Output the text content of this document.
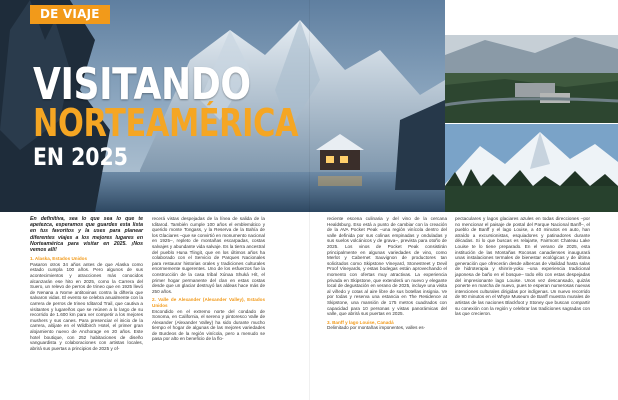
DE VIAJE
VISITANDO
NORTEAMÉRICA
EN 2025

En definitiva, sea lo que sea lo que te apetezca, esperamos que guardes esta lista en tus favoritos y la uses para planear diferentes viajes a los mejores lugares en Norteamérica para visitar en 2025. ¡Nos vemos allí!

1. Alaska, Estados Unidos

Pasaron otros 34 años antes de que Alaska como estado cumpla 100 años. Pero algunos de sus acontecimientos y atracciones más conocidos alcanzarán ese hito en 2025, como la Carrera del Suero, un relevo de perros de trineo que en 1925 llevó de Nenana a Nome antitoxinas contra la difteria que salvaron vidas. El evento se celebra anualmente con la carrera de perros de trineo Iditarod Trail, que cautiva a visitantes y lugareños que se reúnen a lo largo de su recorrido de 1.600 km para ver competir a los mejores mushers y sus canes. Para presenciar el inicio de la carrera, alójate en el Wildbirch Hotel, el primer gran alojamiento nuevo de Anchorage en 20 años. Este hotel boutique, con 252 habitaciones de diseño vanguardista y colaboraciones con artistas locales, abrirá sus puertas a principios de 2025 y of-

recerá vistas despejadas de la línea de salida de la Iditarod. También cumple 100 años el emblemático y querido monte Tongass, y la Reserva de la Bahía de los Glaciares –que se convirtió en monumento nacional en 1925–, repleto de montañas escarpadas, costas salvajes y abundante vida salvaje. Es la tierra ancestral del pueblo Huna Tlingit, que en los últimos años ha colaborado con el Servicio de Parques Nacionales para restaurar historias orales y tradiciones culturales enormemente sugerentes. Uno de los esfuerzos fue la construcción de la casa tribal Xúnaa Shuká Hít, el primer hogar permanente del clan en estas costas desde que un glaciar destruyó las aldeas hace más de 250 años.

2. Valle de Alexander (Alexander Valley), Estados Unidos

Escondido en el extremo norte del condado de Sonoma, en California, el sereno y pintoresco Valle de Alexander (Alexander Valley) ha sido durante mucho tiempo el hogar de algunas de las mejores variedades de Burdeos de la región vinícola, pero a menudo se pasa por alto en beneficio de la flo-

reciente escena culinaria y del vino de la cercana Healdsburg. Eso está a punto de cambiar con la creación de la AVA Pocket Peak –una región vinícola dentro del valle definida por sus colinas empinadas y onduladas y sus suelos volcánicos y de grava–, prevista para otoño de 2025. Los vinos de Pocket Peak consistirán principalmente en algunas variedades de vino, como Merlot y Cabernet Sauvignon de productores tan solicitados como Skipstone Vineyard, Stonestreet y Devil Proof Vineyards, y estas bodegas están aprovechando el momento con ofertas muy atractivas. La experiencia privada en Skipstone, que extenderá un nuevo y elegante local de degustación en verano de 2025, incluye una visita al viñedo y cotas al aire libre de sus botellas insignia. Ve por todas y reserva una estancia en The Residence at Skipstone, una mansión de 175 metros cuadrados con capacidad para 10 personas y vistas panorámicas del valle, que abrirá sus puertas en 2025.

3. Banff y lago Louise, Canadá

Delimitado por montañas imponentes, valles es-

pectaculares y lagos glaciares azules en todas direcciones –por no mencionar el paisaje de postal del Parque Nacional Banff–, el pueblo de Banff y el lago Louise, a 40 minutos en auto, han atraído a excursionistas, esquiadores y patinadores durante décadas. Si lo que buscas es relajarte, Fairmont Chateau Lake Louise te lo tiene preparado. En el verano de 2025, esta institución de las Montañas Rocosas canadienses inaugurará unas instalaciones termales de bienestar ecológicas y de última generación que ofrecerán desde albercas de vitalidad hasta salas de hidroterapia y shinrin-yoku –una experiencia tradicional japonesa de baño en el bosque– todo ello con estas despejadas del impresionante lago Louise. Unos vez descansado, quizás ponerte en marcha de nuevo, pues te esperan numerosas nuevas intenciones culturales dirigidas por indígenas. Un nuevo recorrido de 90 minutos en el Whyte Museum de Banff muestra murales de artistas de las naciones Blackfoot y Stoney que buscan compartir su conexión con la región y celebrar las tradiciones sagradas con las que crecieron.
